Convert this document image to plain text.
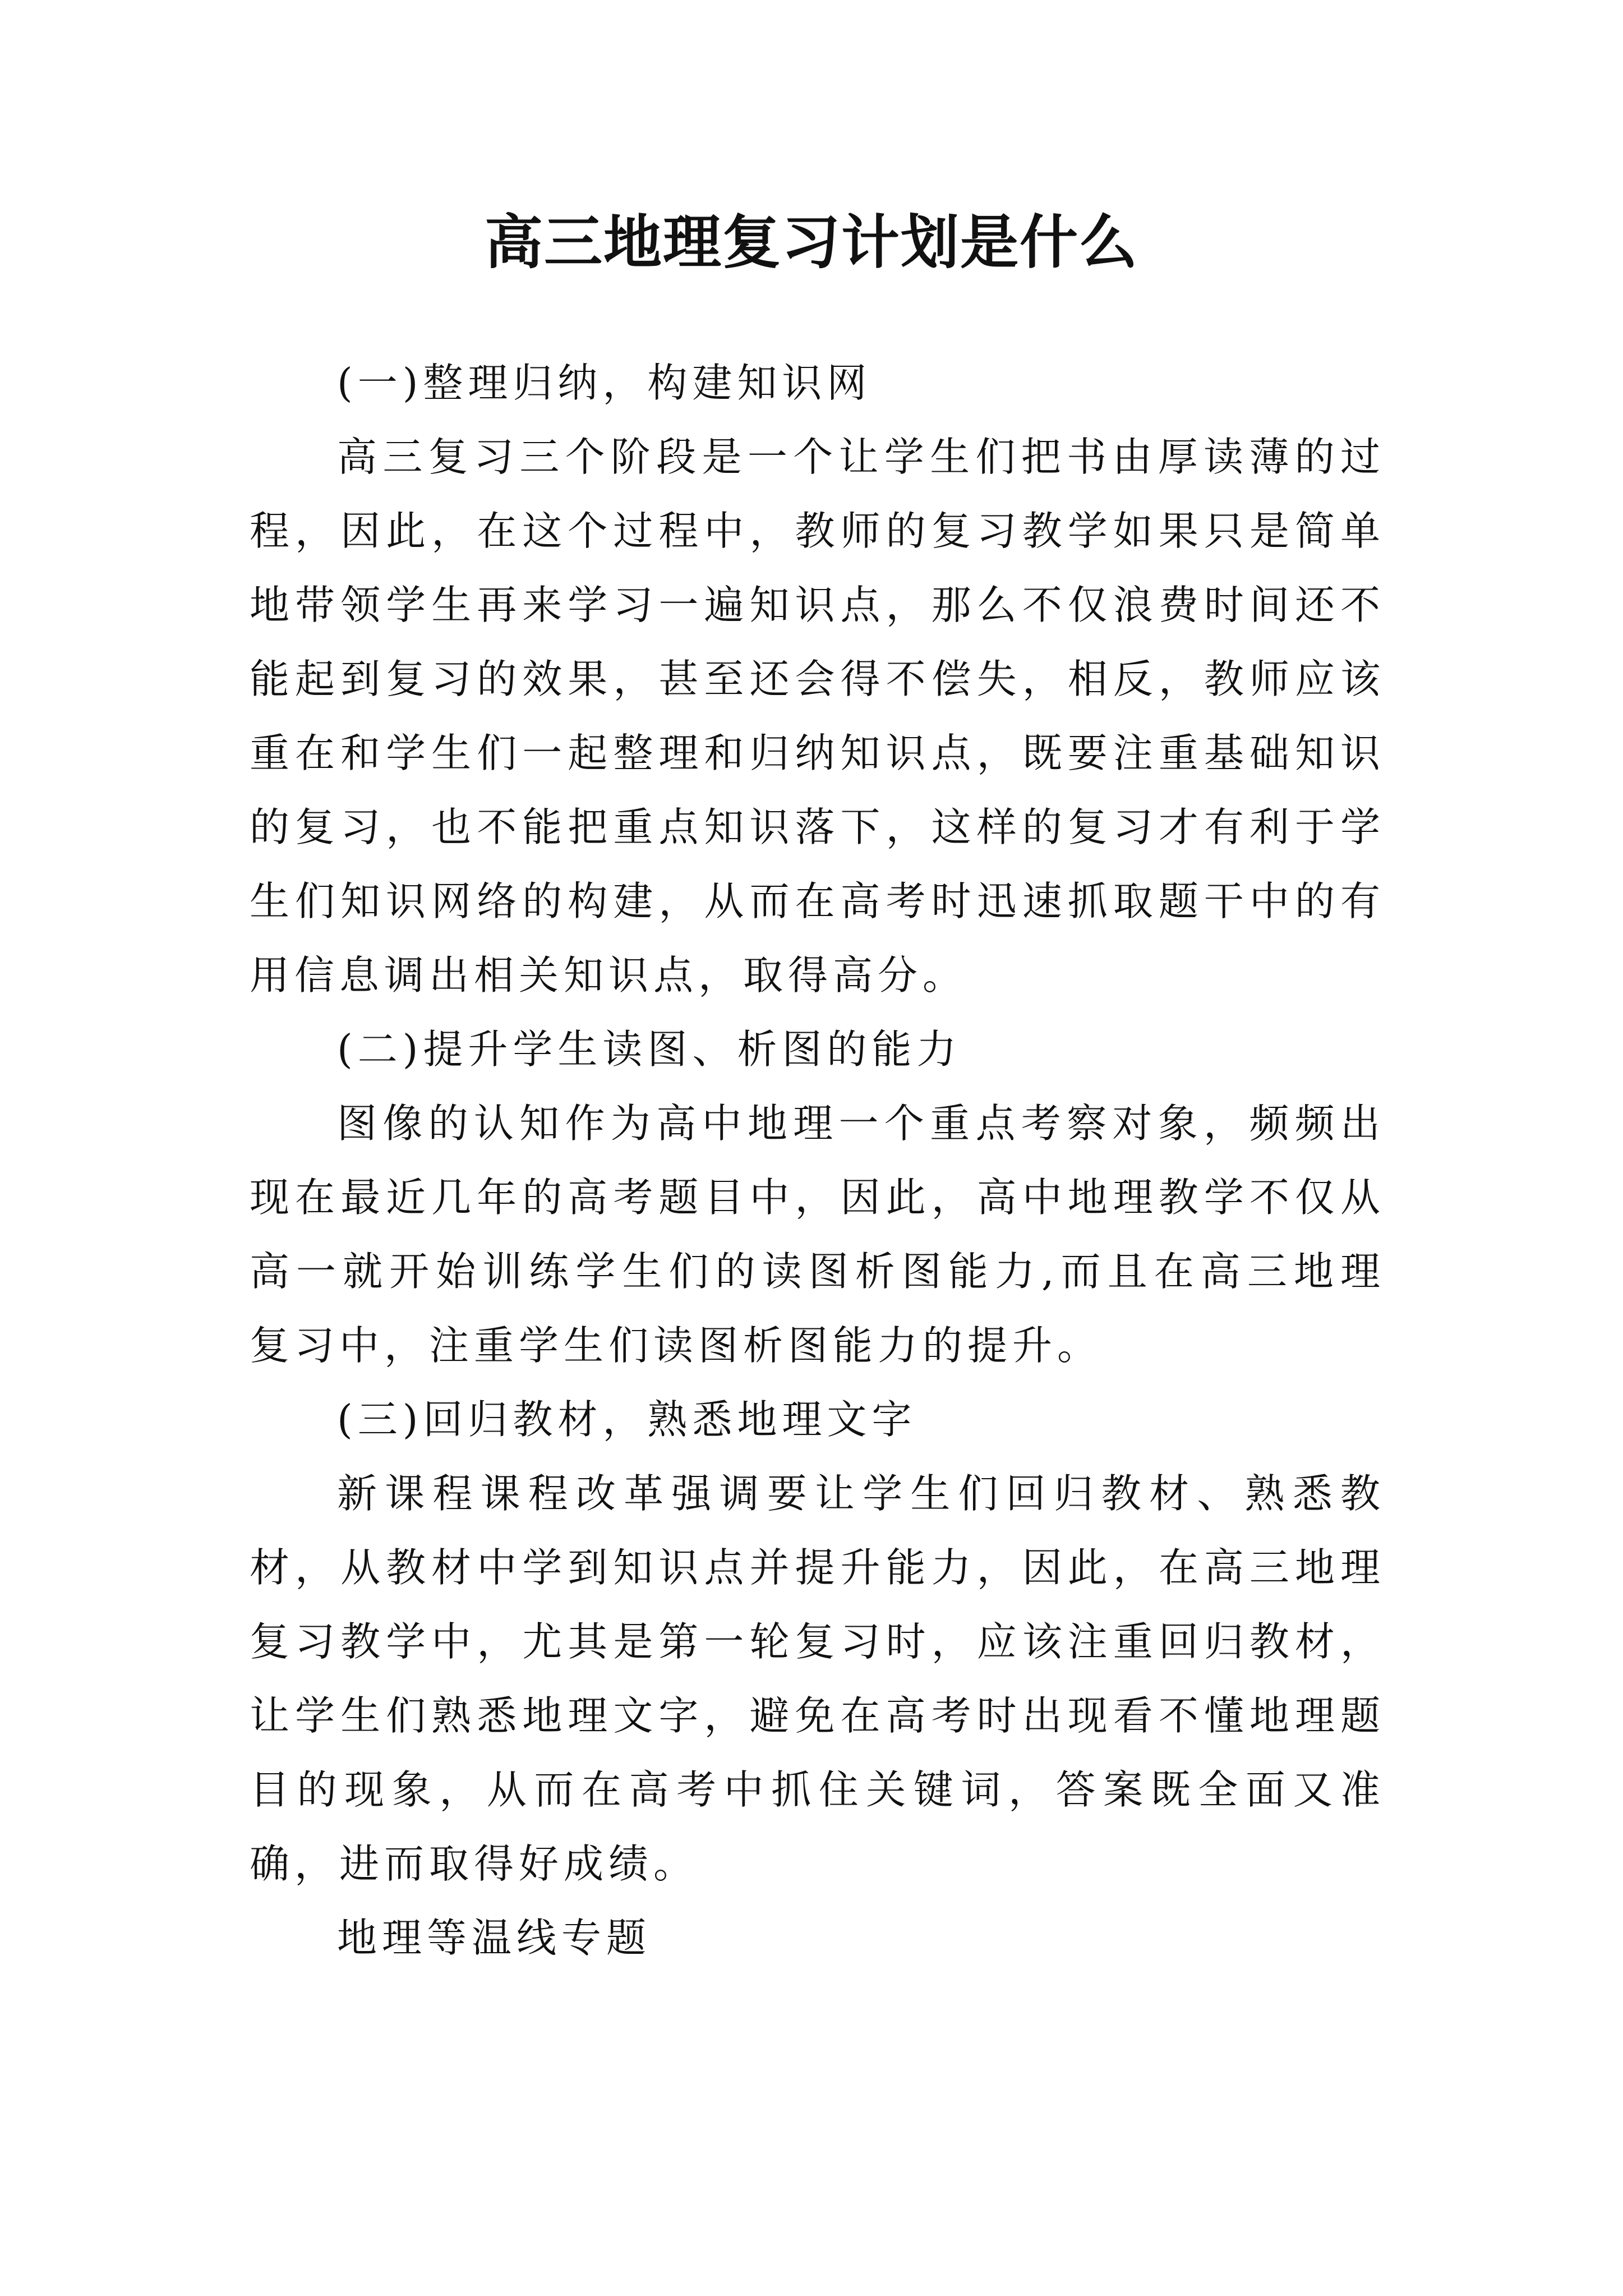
高三地理复习计划是什么

(一)整理归纳，构建知识网

高三复习三个阶段是一个让学生们把书由厚读薄的过程，因此，在这个过程中，教师的复习教学如果只是简单地带领学生再来学习一遍知识点，那么不仅浪费时间还不能起到复习的效果，甚至还会得不偿失，相反，教师应该重在和学生们一起整理和归纳知识点，既要注重基础知识的复习，也不能把重点知识落下，这样的复习才有利于学生们知识网络的构建，从而在高考时迅速抓取题干中的有用信息调出相关知识点，取得高分。

(二)提升学生读图、析图的能力

图像的认知作为高中地理一个重点考察对象，频频出现在最近几年的高考题目中，因此，高中地理教学不仅从高一就开始训练学生们的读图析图能力,而且在高三地理复习中，注重学生们读图析图能力的提升。

(三)回归教材，熟悉地理文字

新课程课程改革强调要让学生们回归教材、熟悉教材，从教材中学到知识点并提升能力，因此，在高三地理复习教学中，尤其是第一轮复习时，应该注重回归教材，让学生们熟悉地理文字，避免在高考时出现看不懂地理题目的现象，从而在高考中抓住关键词，答案既全面又准确，进而取得好成绩。

地理等温线专题
